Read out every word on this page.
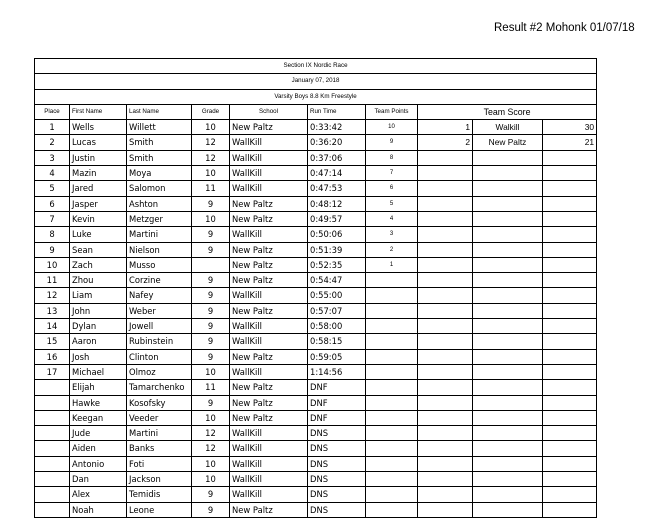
Result #2 Mohonk 01/07/18
Section IX Nordic Race									
January 07, 2018									
Varsity Boys 8.8 Km Freestyle									
Place	First Name	Last Name	Grade	School	Run Time	Team Points	Team Score		
1	Wells	Willett	10	New Paltz	0:33:42	10	1	Walkill	30
2	Lucas	Smith	12	WallKill	0:36:20	9	2	New Paltz	21
3	Justin	Smith	12	WallKill	0:37:06	8			
4	Mazin	Moya	10	WallKill	0:47:14	7			
5	Jared	Salomon	11	WallKill	0:47:53	6			
6	Jasper	Ashton	9	New Paltz	0:48:12	5			
7	Kevin	Metzger	10	New Paltz	0:49:57	4			
8	Luke	Martini	9	WallKill	0:50:06	3			
9	Sean	Nielson	9	New Paltz	0:51:39	2			
10	Zach	Musso		New Paltz	0:52:35	1			
11	Zhou	Corzine	9	New Paltz	0:54:47				
12	Liam	Nafey	9	WallKill	0:55:00				
13	John	Weber	9	New Paltz	0:57:07				
14	Dylan	Jowell	9	WallKill	0:58:00				
15	Aaron	Rubinstein	9	WallKill	0:58:15				
16	Josh	Clinton	9	New Paltz	0:59:05				
17	Michael	Olmoz	10	WallKill	1:14:56				
	Elijah	Tamarchenko	11	New Paltz	DNF				
	Hawke	Kosofsky	9	New Paltz	DNF				
	Keegan	Veeder	10	New Paltz	DNF				
	Jude	Martini	12	WallKill	DNS				
	Aiden	Banks	12	WallKill	DNS				
	Antonio	Foti	10	WallKill	DNS				
	Dan	Jackson	10	WallKill	DNS				
	Alex	Temidis	9	WallKill	DNS				
	Noah	Leone	9	New Paltz	DNS				
